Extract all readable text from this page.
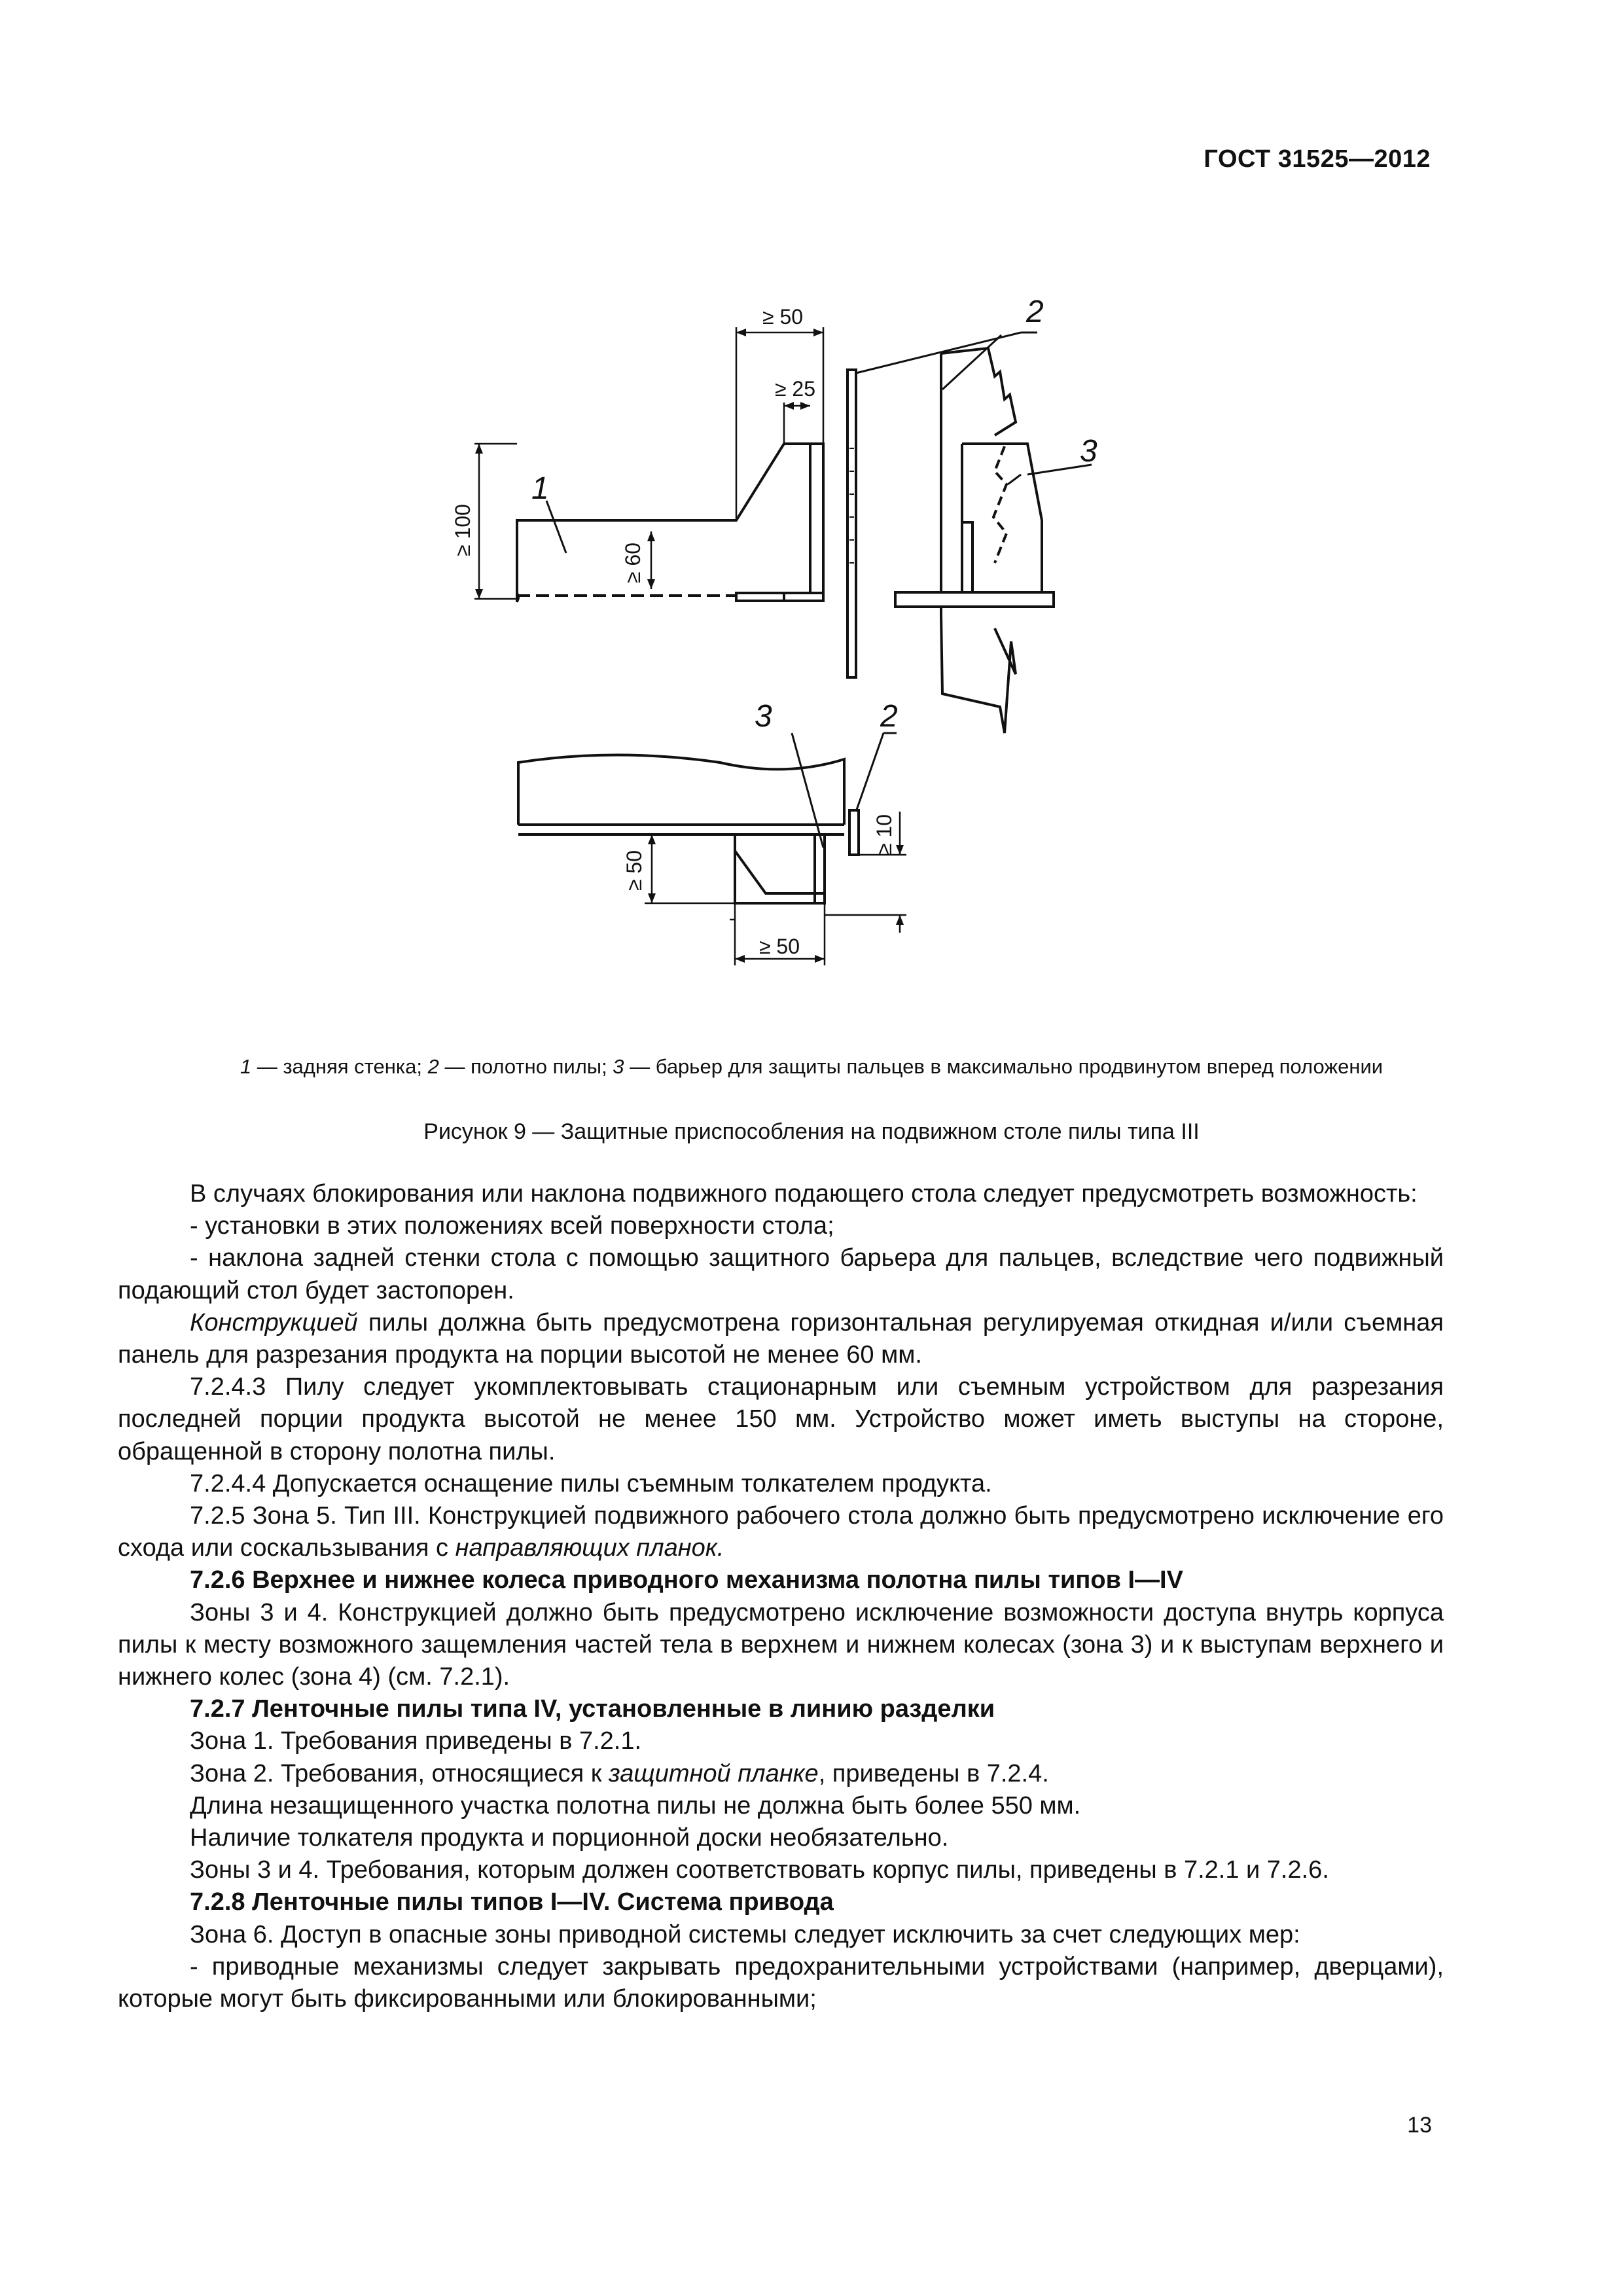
ГОСТ 31525—2012
≥ 50
≥ 25
≥ 100
≥ 60
≥ 50
≥ 10
≥ 50
1
2
3
3	2
1 — задняя стенка; 2 — полотно пилы; 3 — барьер для защиты пальцев в максимально продвинутом вперед положении
Рисунок 9 — Защитные приспособления на подвижном столе пилы типа III

В случаях блокирования или наклона подвижного подающего стола следует предусмотреть возможность:

- установки в этих положениях всей поверхности стола;

- наклона задней стенки стола с помощью защитного барьера для пальцев, вследствие чего подвижный подающий стол будет застопорен.

Конструкцией пилы должна быть предусмотрена горизонтальная регулируемая откидная и/или съемная панель для разрезания продукта на порции высотой не менее 60 мм.

7.2.4.3 Пилу следует укомплектовывать стационарным или съемным устройством для разрезания последней порции продукта высотой не менее 150 мм. Устройство может иметь выступы на стороне, обращенной в сторону полотна пилы.

7.2.4.4 Допускается оснащение пилы съемным толкателем продукта.

7.2.5 Зона 5. Тип III. Конструкцией подвижного рабочего стола должно быть предусмотрено исключение его схода или соскальзывания с направляющих планок.

7.2.6 Верхнее и нижнее колеса приводного механизма полотна пилы типов I—IV

Зоны 3 и 4. Конструкцией должно быть предусмотрено исключение возможности доступа внутрь корпуса пилы к месту возможного защемления частей тела в верхнем и нижнем колесах (зона 3) и к выступам верхнего и нижнего колес (зона 4) (см. 7.2.1).

7.2.7 Ленточные пилы типа IV, установленные в линию разделки

Зона 1. Требования приведены в 7.2.1.

Зона 2. Требования, относящиеся к защитной планке, приведены в 7.2.4.

Длина незащищенного участка полотна пилы не должна быть более 550 мм.

Наличие толкателя продукта и порционной доски необязательно.

Зоны 3 и 4. Требования, которым должен соответствовать корпус пилы, приведены в 7.2.1 и 7.2.6.

7.2.8 Ленточные пилы типов I—IV. Система привода

Зона 6. Доступ в опасные зоны приводной системы следует исключить за счет следующих мер:

- приводные механизмы следует закрывать предохранительными устройствами (например, дверцами), которые могут быть фиксированными или блокированными;

13
